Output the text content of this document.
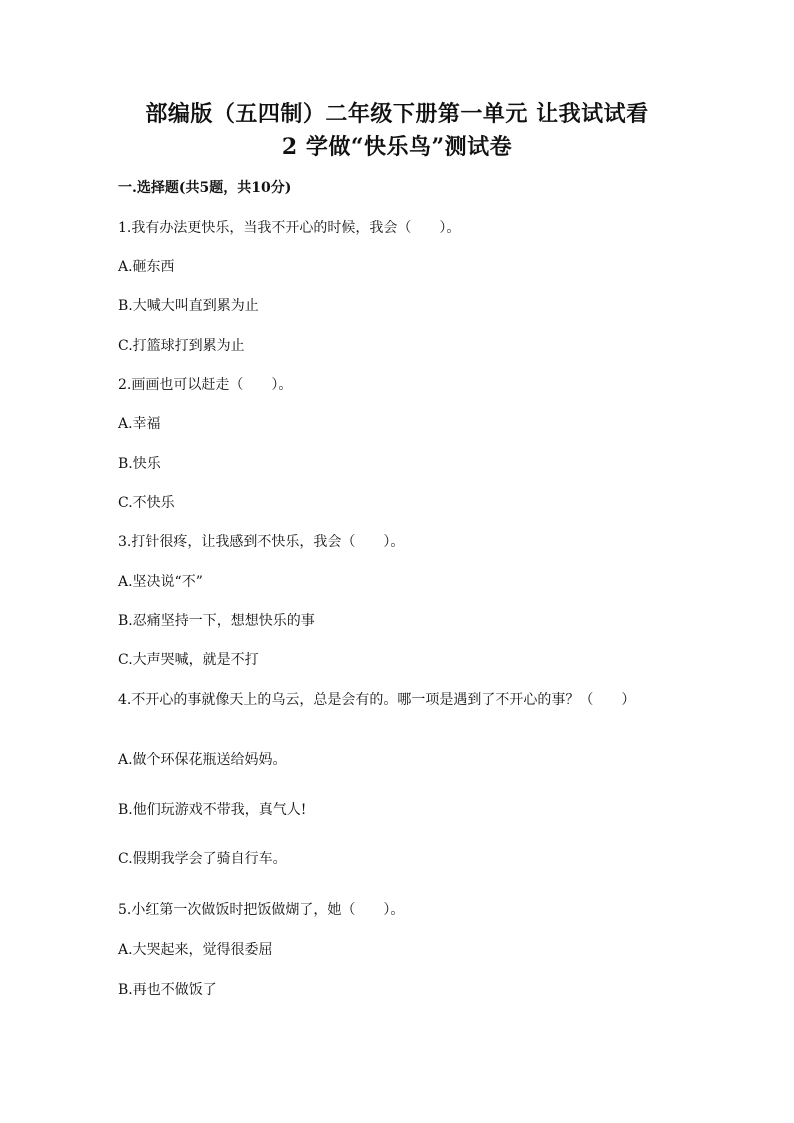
部编版（五四制）二年级下册第一单元 让我试试看
2 学做“快乐鸟”测试卷
一.选择题(共5题，共10分)
1.我有办法更快乐，当我不开心的时候，我会（　　）。
A.砸东西
B.大喊大叫直到累为止
C.打篮球打到累为止
2.画画也可以赶走（　　）。
A.幸福
B.快乐
C.不快乐
3.打针很疼，让我感到不快乐，我会（　　）。
A.坚决说“不”
B.忍痛坚持一下，想想快乐的事
C.大声哭喊，就是不打
4.不开心的事就像天上的乌云，总是会有的。哪一项是遇到了不开心的事？（　　）
A.做个环保花瓶送给妈妈。
B.他们玩游戏不带我，真气人!
C.假期我学会了骑自行车。
5.小红第一次做饭时把饭做煳了，她（　　）。
A.大哭起来，觉得很委屈
B.再也不做饭了
